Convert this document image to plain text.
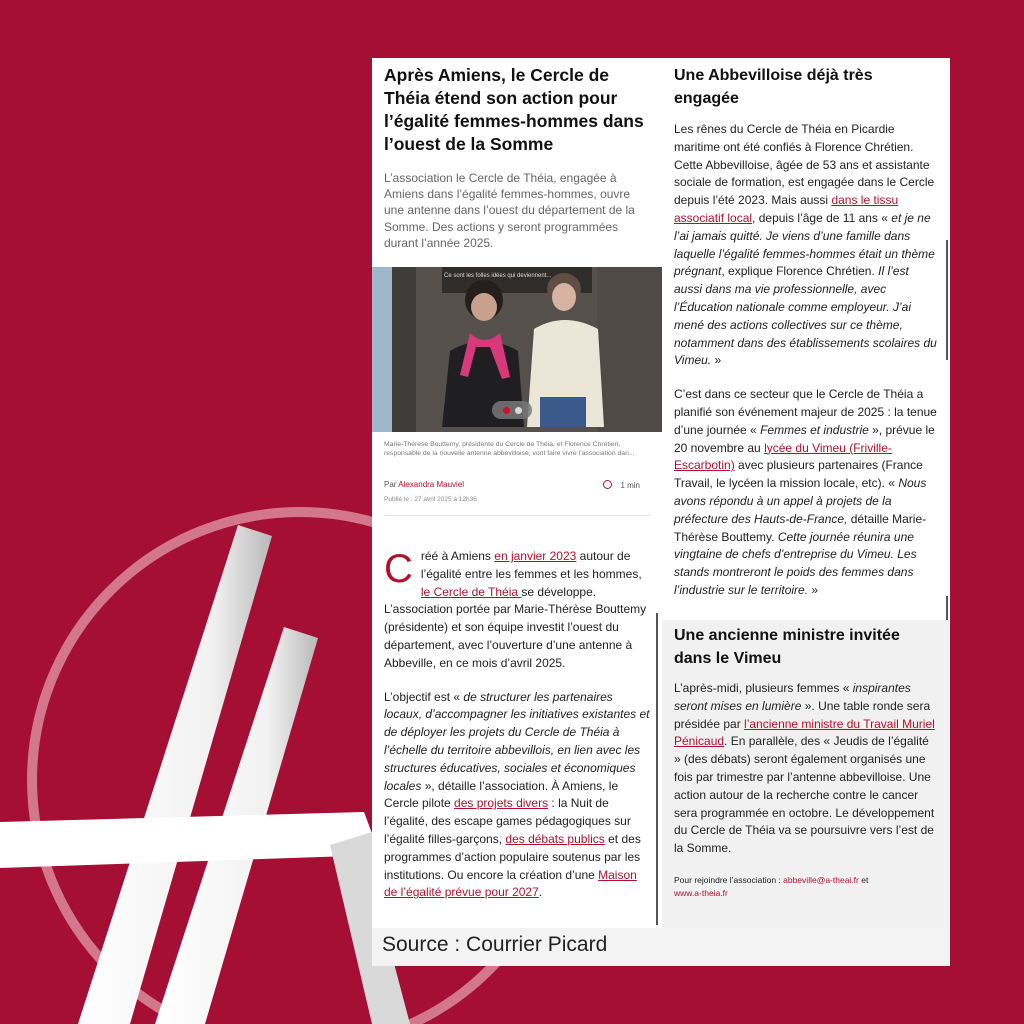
Après Amiens, le Cercle de Théia étend son action pour l’égalité femmes-hommes dans l’ouest de la Somme

L’association le Cercle de Théia, engagée à Amiens dans l’égalité femmes-hommes, ouvre une antenne dans l’ouest du département de la Somme. Des actions y seront programmées durant l’année 2025.

Ce sont les folles idées qui deviennent...

Marie-Thérèse Bouttemy, présidente du Cercle de Théia, et Florence Chrétien, responsable de la nouvelle antenne abbevilloise, vont faire vivre l’association dan...

Par Alexandra Mauviel	1 min

Publié le : 27 avril 2025 à 12h36

Créé à Amiens en janvier 2023 autour de l’égalité entre les femmes et les hommes, le Cercle de Théia se développe. L’association portée par Marie-Thérèse Bouttemy (présidente) et son équipe investit l’ouest du département, avec l’ouverture d’une antenne à Abbeville, en ce mois d’avril 2025.

L’objectif est « de structurer les partenaires locaux, d’accompagner les initiatives existantes et de déployer les projets du Cercle de Théia à l’échelle du territoire abbevillois, en lien avec les structures éducatives, sociales et économiques locales », détaille l’association. À Amiens, le Cercle pilote des projets divers : la Nuit de l’égalité, des escape games pédagogiques sur l’égalité filles-garçons, des débats publics et des programmes d’action populaire soutenus par les institutions. Ou encore la création d’une Maison de l’égalité prévue pour 2027.

Une Abbevilloise déjà très engagée

Les rênes du Cercle de Théia en Picardie maritime ont été confiés à Florence Chrétien. Cette Abbevilloise, âgée de 53 ans et assistante sociale de formation, est engagée dans le Cercle depuis l’été 2023. Mais aussi dans le tissu associatif local, depuis l’âge de 11 ans « et je ne l’ai jamais quitté. Je viens d’une famille dans laquelle l’égalité femmes-hommes était un thème prégnant, explique Florence Chrétien. Il l’est aussi dans ma vie professionnelle, avec l’Éducation nationale comme employeur. J’ai mené des actions collectives sur ce thème, notamment dans des établissements scolaires du Vimeu. »

C’est dans ce secteur que le Cercle de Théia a planifié son événement majeur de 2025 : la tenue d’une journée « Femmes et industrie », prévue le 20 novembre au lycée du Vimeu (Friville-Escarbotin) avec plusieurs partenaires (France Travail, le lycéen la mission locale, etc). « Nous avons répondu à un appel à projets de la préfecture des Hauts-de-France, détaille Marie-Thérèse Bouttemy. Cette journée réunira une vingtaine de chefs d’entreprise du Vimeu. Les stands montreront le poids des femmes dans l’industrie sur le territoire. »

Une ancienne ministre invitée dans le Vimeu

L’après-midi, plusieurs femmes « inspirantes seront mises en lumière ». Une table ronde sera présidée par l’ancienne ministre du Travail Muriel Pénicaud. En parallèle, des « Jeudis de l’égalité » (des débats) seront également organisés une fois par trimestre par l’antenne abbevilloise. Une action autour de la recherche contre le cancer sera programmée en octobre. Le développement du Cercle de Théia va se poursuivre vers l’est de la Somme.

Pour rejoindre l’association : abbeville@a-theai.fr et
www.a-theia.fr

Source : Courrier Picard
